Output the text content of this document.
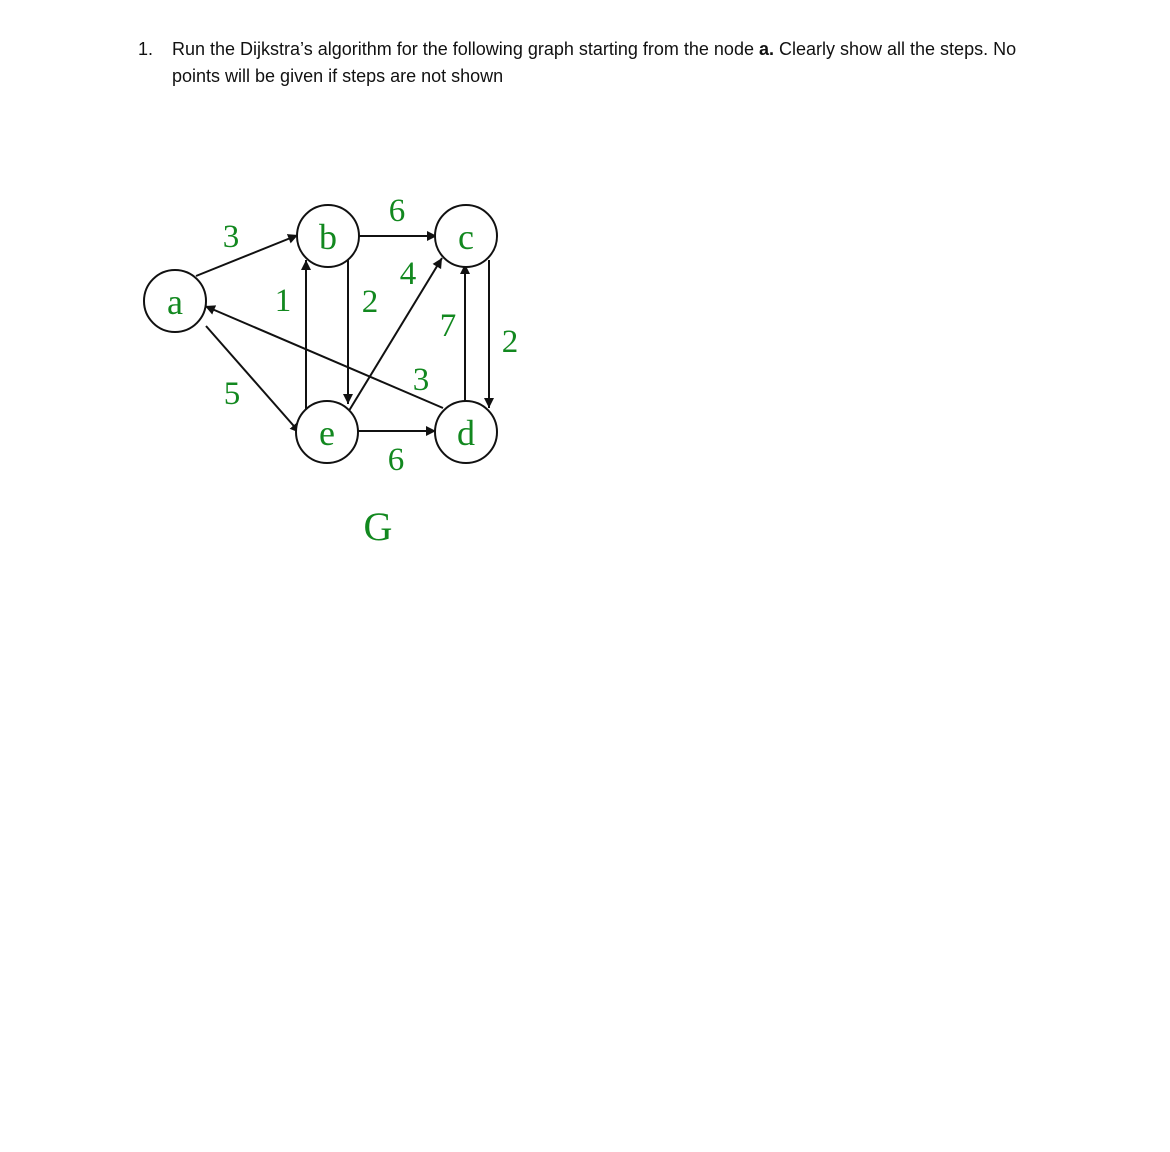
1.	Run the Dijkstra’s algorithm for the following graph starting from the node a. Clearly show all the steps. No points will be given if steps are not shown
a
b	c
d
e
3
5
6
2
1
4
6
3
7 2
G
